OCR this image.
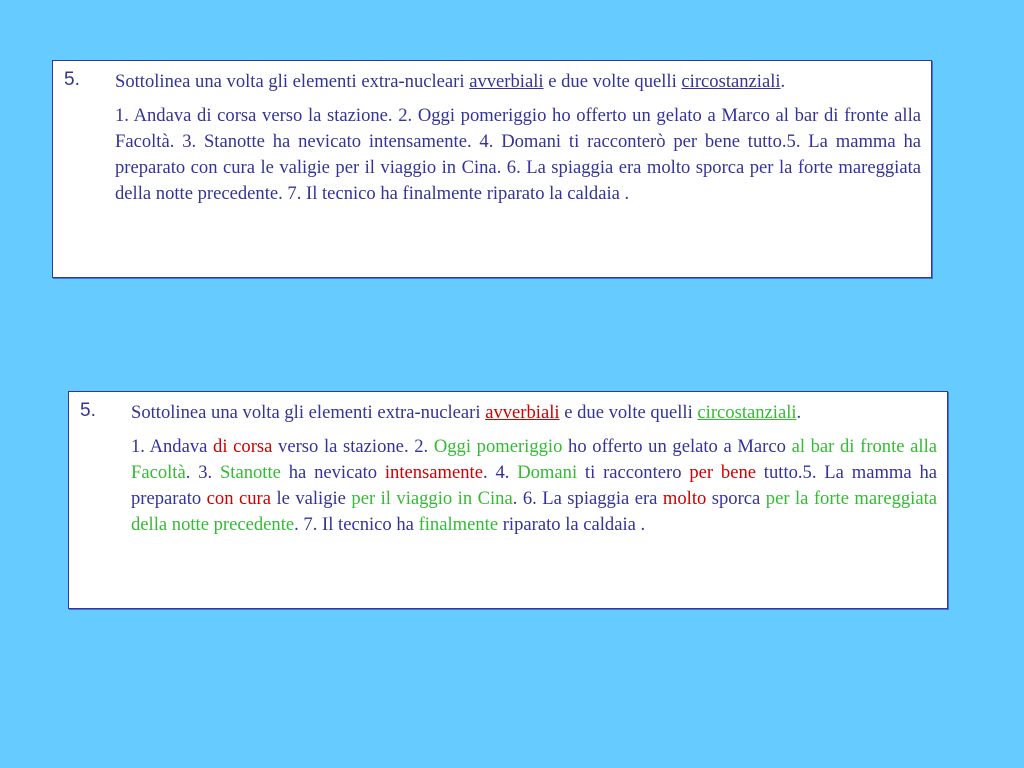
5. Sottolinea una volta gli elementi extra-nucleari avverbiali e due volte quelli circostanziali.

1. Andava di corsa verso la stazione. 2. Oggi pomeriggio ho offerto un gelato a Marco al bar di fronte alla Facoltà. 3. Stanotte ha nevicato intensamente. 4. Domani ti racconterò per bene tutto.5. La mamma ha preparato con cura le valigie per il viaggio in Cina. 6. La spiaggia era molto sporca per la forte mareggiata della notte precedente. 7. Il tecnico ha finalmente riparato la caldaia .

5. Sottolinea una volta gli elementi extra-nucleari avverbiali e due volte quelli circostanziali.

1. Andava di corsa verso la stazione. 2. Oggi pomeriggio ho offerto un gelato a Marco al bar di fronte alla Facoltà. 3. Stanotte ha nevicato intensamente. 4. Domani ti raccontero per bene tutto.5. La mamma ha preparato con cura le valigie per il viaggio in Cina. 6. La spiaggia era molto sporca per la forte mareggiata della notte precedente. 7. Il tecnico ha finalmente riparato la caldaia .
